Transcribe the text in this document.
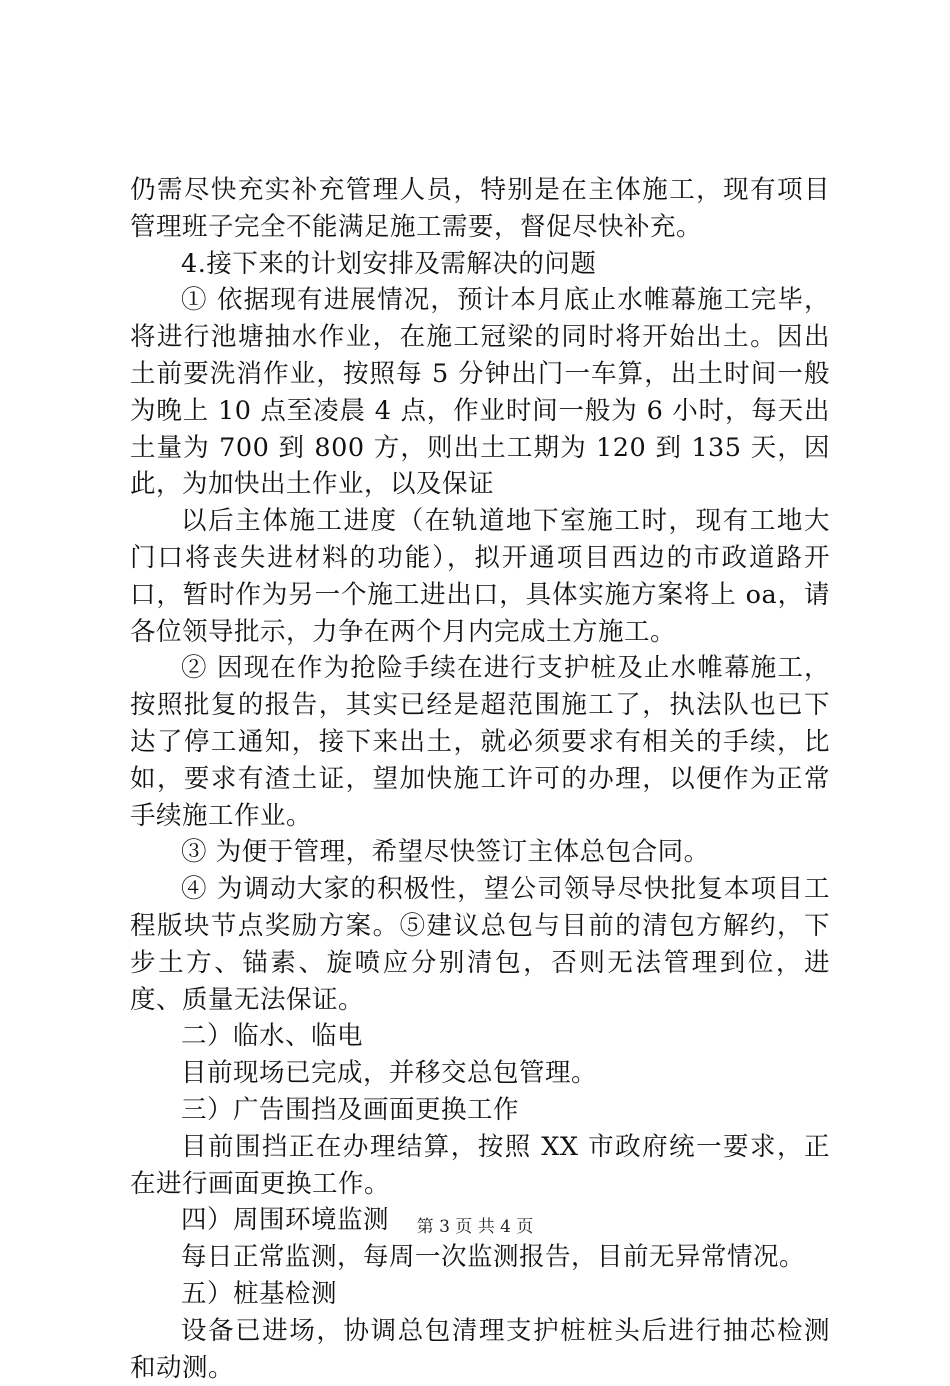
仍需尽快充实补充管理人员，特别是在主体施工，现有项目管理班子完全不能满足施工需要，督促尽快补充。

4.接下来的计划安排及需解决的问题

① 依据现有进展情况，预计本月底止水帷幕施工完毕，将进行池塘抽水作业，在施工冠梁的同时将开始出土。因出土前要洗消作业，按照每 5 分钟出门一车算，出土时间一般为晚上 10 点至凌晨 4 点，作业时间一般为 6 小时，每天出土量为 700 到 800 方，则出土工期为 120 到 135 天，因此，为加快出土作业，以及保证

以后主体施工进度（在轨道地下室施工时，现有工地大门口将丧失进材料的功能），拟开通项目西边的市政道路开口，暂时作为另一个施工进出口，具体实施方案将上 oa，请各位领导批示，力争在两个月内完成土方施工。

② 因现在作为抢险手续在进行支护桩及止水帷幕施工，按照批复的报告，其实已经是超范围施工了，执法队也已下达了停工通知，接下来出土，就必须要求有相关的手续，比如，要求有渣土证，望加快施工许可的办理，以便作为正常手续施工作业。

③ 为便于管理，希望尽快签订主体总包合同。

④ 为调动大家的积极性，望公司领导尽快批复本项目工程版块节点奖励方案。⑤建议总包与目前的清包方解约，下步土方、锚素、旋喷应分别清包，否则无法管理到位，进度、质量无法保证。

二）临水、临电

目前现场已完成，并移交总包管理。

三）广告围挡及画面更换工作

目前围挡正在办理结算，按照 XX 市政府统一要求，正在进行画面更换工作。

四）周围环境监测

每日正常监测，每周一次监测报告，目前无异常情况。

五）桩基检测

设备已进场，协调总包清理支护桩桩头后进行抽芯检测和动测。

第 3 页 共 4 页
